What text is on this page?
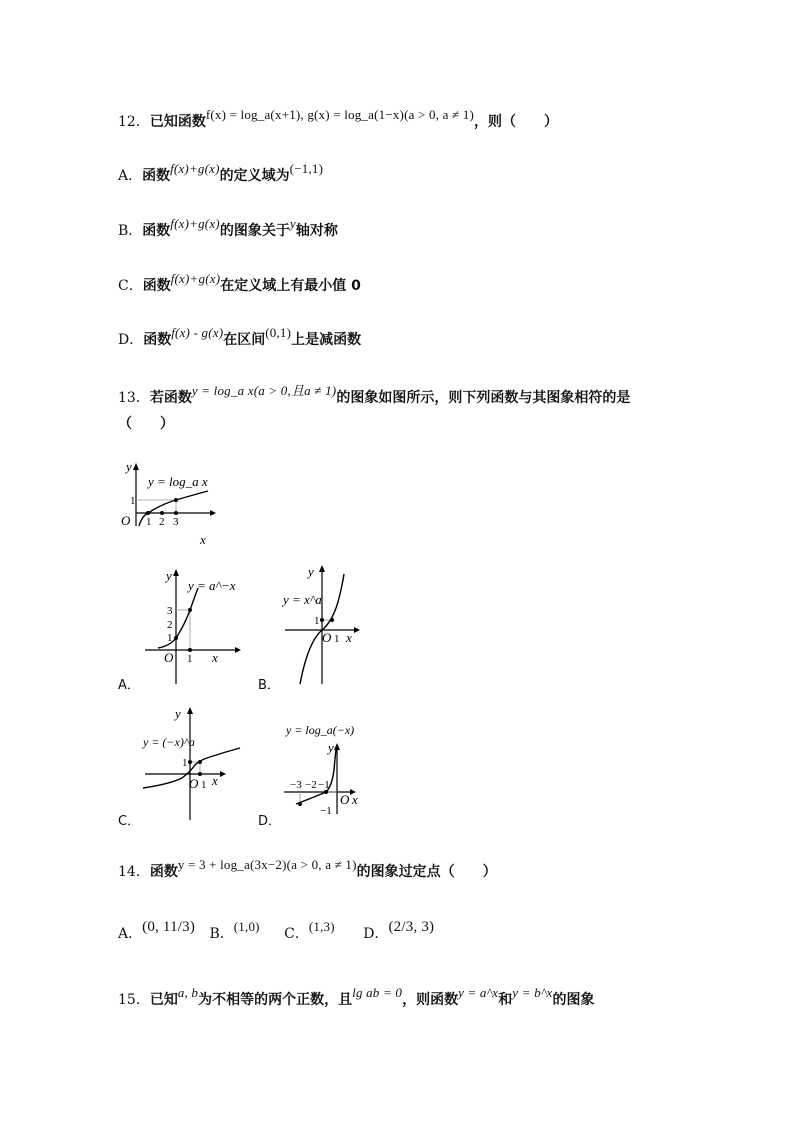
12．已知函数f(x) = log_a(x+1), g(x) = log_a(1−x)(a > 0, a ≠ 1)，则（　　）
A．函数f(x)+g(x)的定义域为(−1,1)
B．函数f(x)+g(x)的图象关于y轴对称
C．函数f(x)+g(x)在定义域上有最小值 0
D．函数f(x) - g(x)在区间(0,1)上是减函数
13．若函数y = log_a x(a > 0,且a ≠ 1)的图象如图所示，则下列函数与其图象相符的是
（　　）
y
1
O 1 2 3
y = log_a x
x
y
y = a^−x
3
2
1
O 1 x
A．
y
y = x^a
1
O 1 x
B．
y
y = (−x)^a
1
O 1 x
C．
y = log_a(−x)
y
−3 −2 −1
O x
−1
D．
14．函数y = 3 + log_a(3x−2)(a > 0, a ≠ 1)的图象过定点（　　）
A．(0, 11/3) B．(1,0) C．(1,3) D．(2/3, 3)
15．已知a, b为不相等的两个正数，且lg ab = 0，则函数y = a^x和y = b^x的图象
